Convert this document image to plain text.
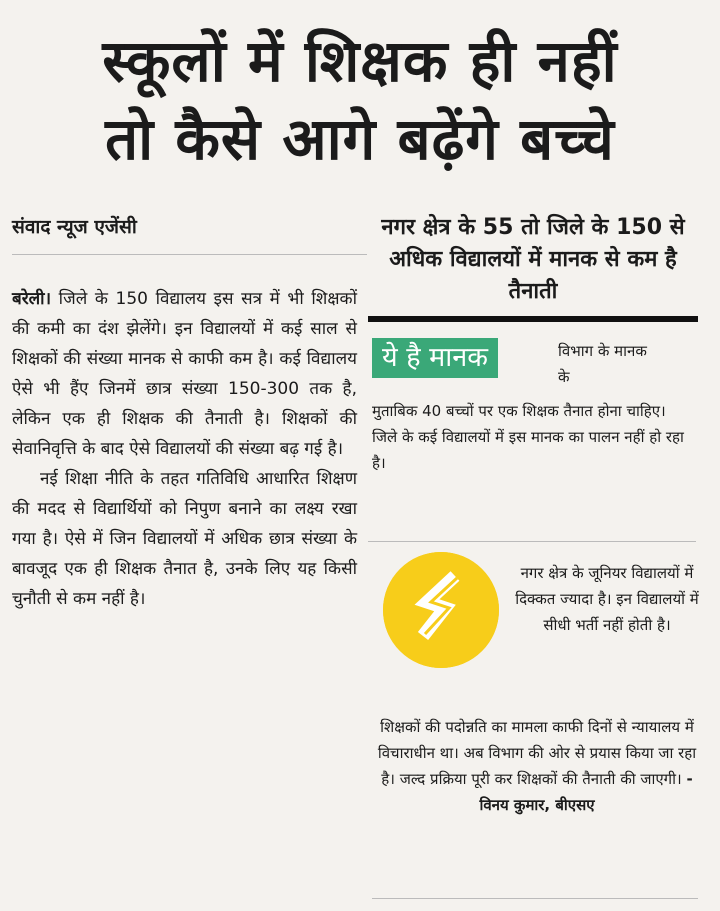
स्कूलों में शिक्षक ही नहीं
तो कैसे आगे बढ़ेंगे बच्चे
संवाद न्यूज एजेंसी

बरेली। जिले के 150 विद्यालय इस सत्र में भी शिक्षकों की कमी का दंश झेलेंगे। इन विद्यालयों में कई साल से शिक्षकों की संख्या मानक से काफी कम है। कई विद्यालय ऐसे भी हैंए जिनमें छात्र संख्या 150-300 तक है, लेकिन एक ही शिक्षक की तैनाती है। शिक्षकों की सेवानिवृत्ति के बाद ऐसे विद्यालयों की संख्या बढ़ गई है।

नई शिक्षा नीति के तहत गतिविधि आधारित शिक्षण की मदद से विद्यार्थियों को निपुण बनाने का लक्ष्य रखा गया है। ऐसे में जिन विद्यालयों में अधिक छात्र संख्या के बावजूद एक ही शिक्षक तैनात है, उनके लिए यह किसी चुनौती से कम नहीं है।

नगर क्षेत्र के 55 तो जिले के 150 से अधिक विद्यालयों में मानक से कम है तैनाती
ये है मानक	विभाग के मानक के
मुताबिक 40 बच्चों पर एक शिक्षक तैनात होना चाहिए। जिले के कई विद्यालयों में इस मानक का पालन नहीं हो रहा है।
नगर क्षेत्र के जूनियर विद्यालयों में दिक्कत ज्यादा है। इन विद्यालयों में सीधी भर्ती नहीं होती है।
शिक्षकों की पदोन्नति का मामला काफी दिनों से न्यायालय में विचाराधीन था। अब विभाग की ओर से प्रयास किया जा रहा है। जल्द प्रक्रिया पूरी कर शिक्षकों की तैनाती की जाएगी। - विनय कुमार, बीएसए
